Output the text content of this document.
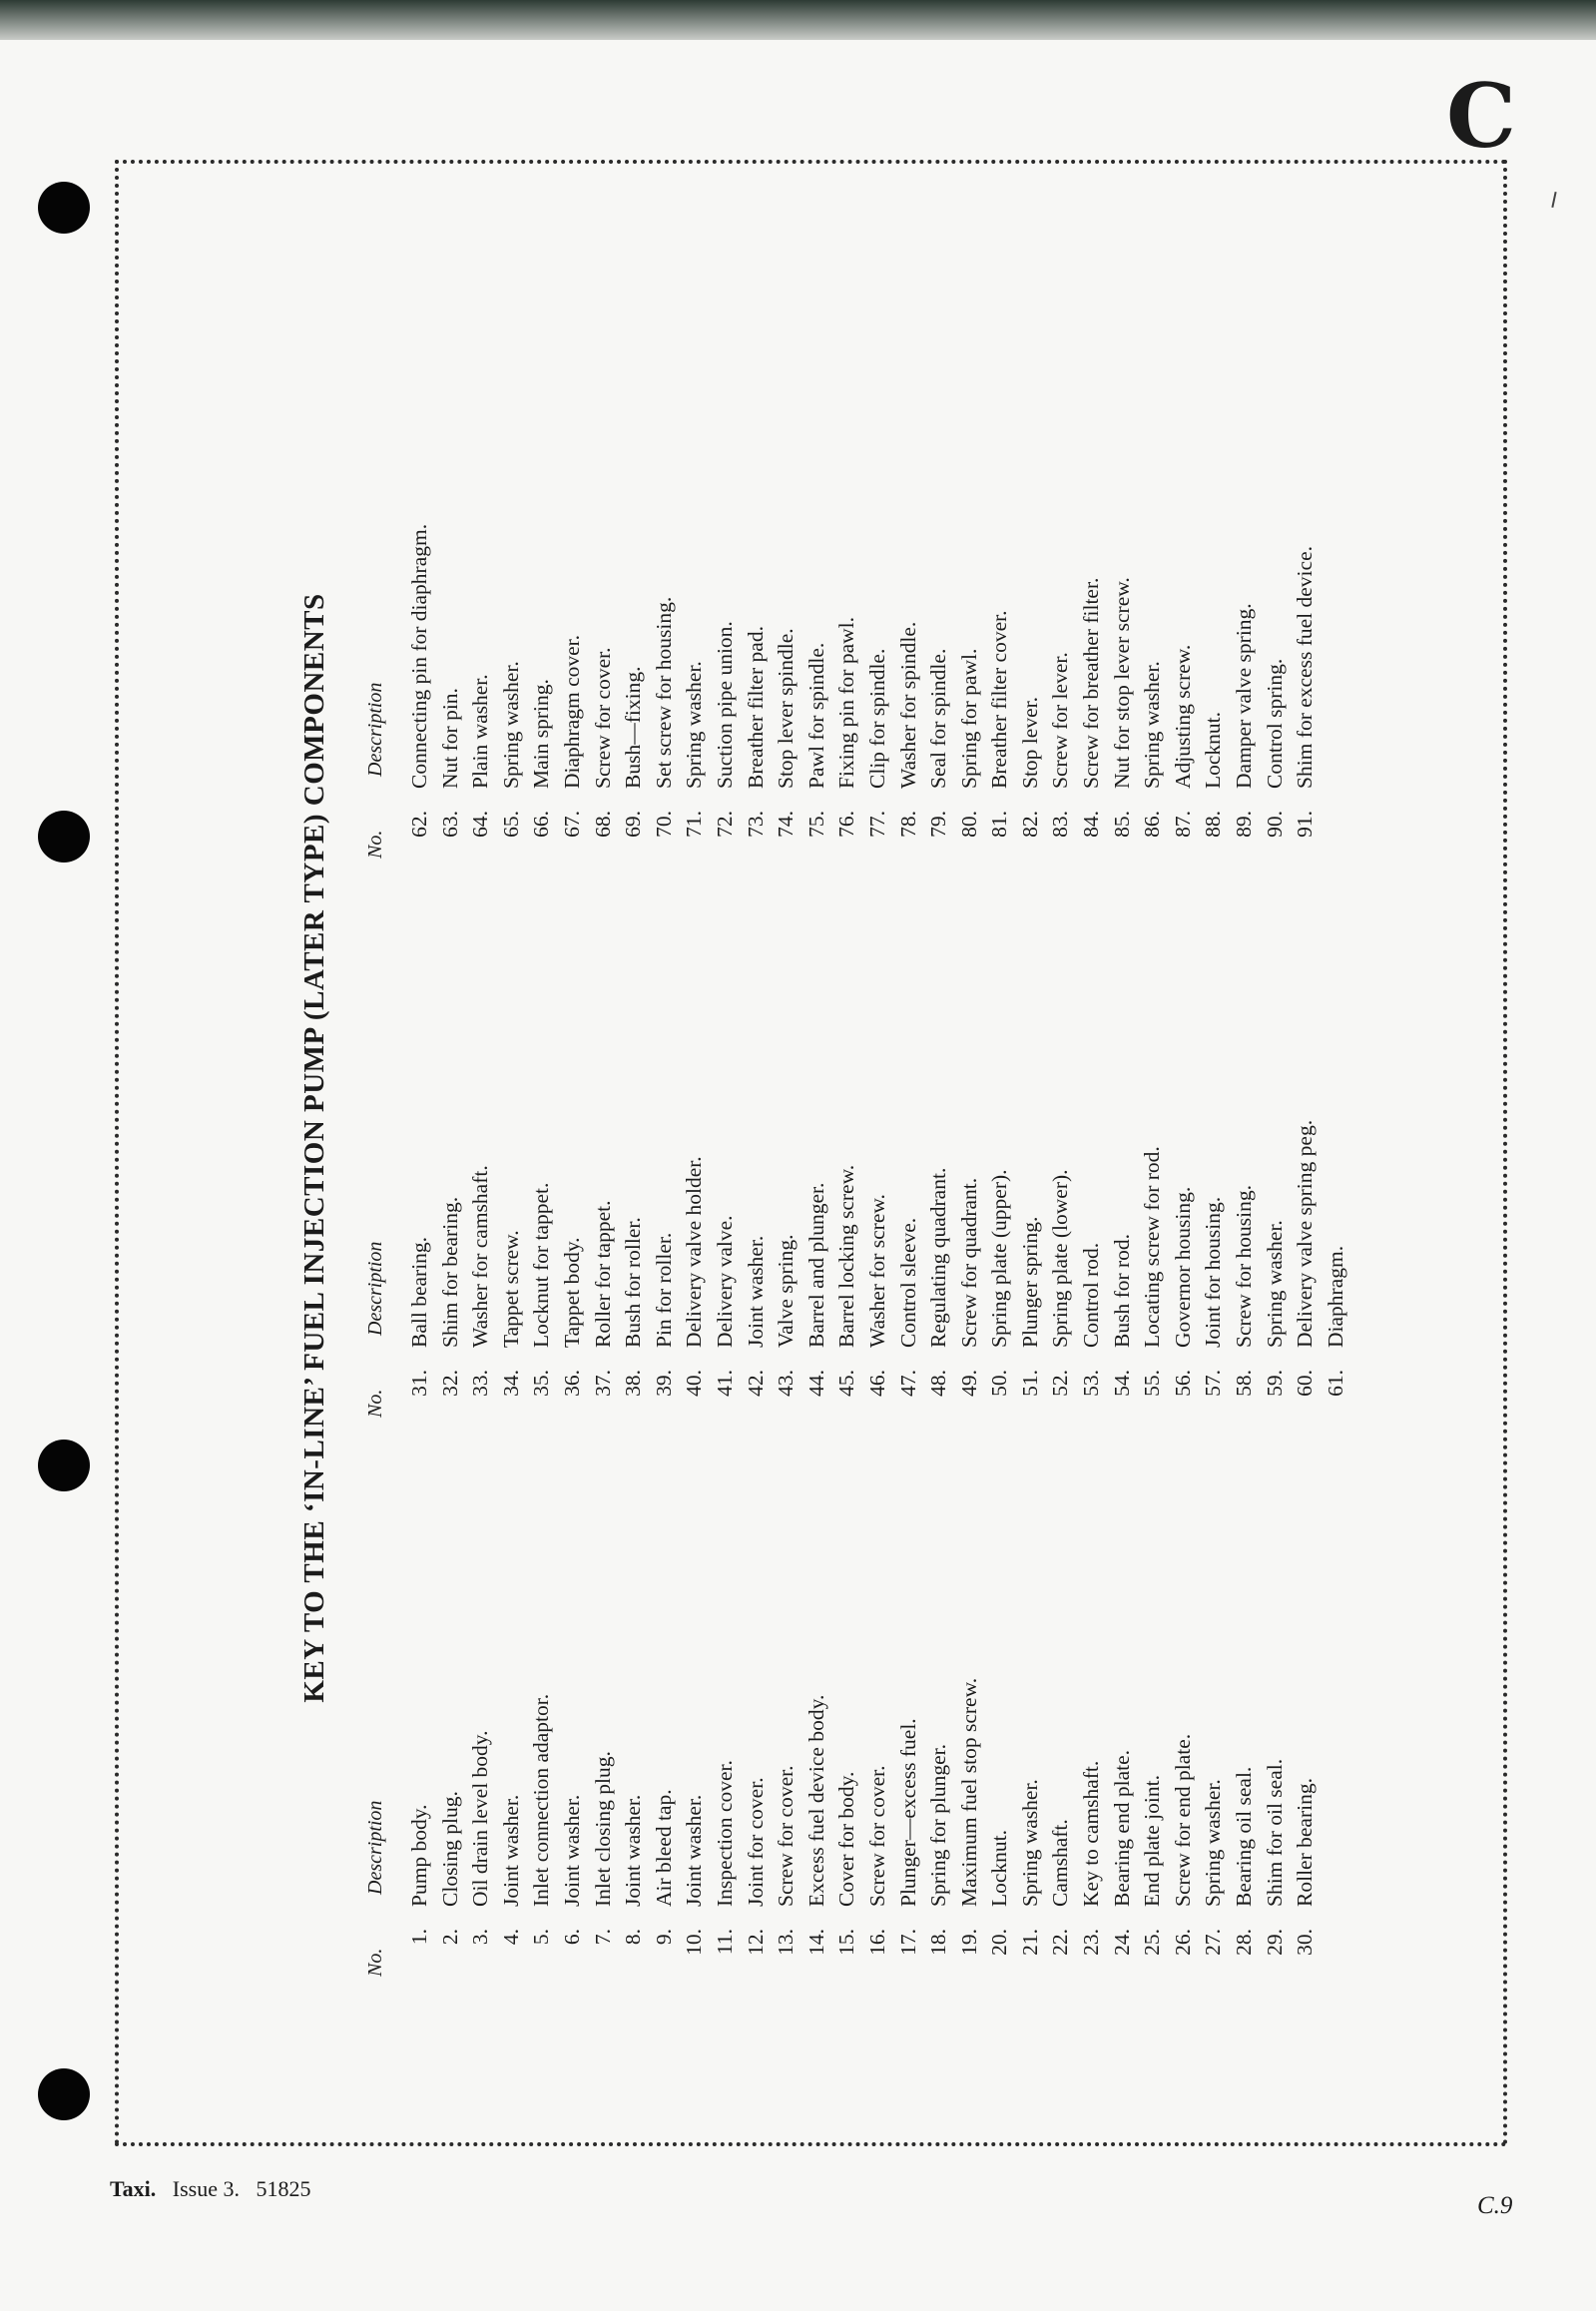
C
KEY TO THE ‘IN-LINE’ FUEL INJECTION PUMP (LATER TYPE) COMPONENTS
No.Description
1.Pump body.
2.Closing plug.
3.Oil drain level body.
4.Joint washer.
5.Inlet connection adaptor.
6.Joint washer.
7.Inlet closing plug.
8.Joint washer.
9.Air bleed tap.
10.Joint washer.
11.Inspection cover.
12.Joint for cover.
13.Screw for cover.
14.Excess fuel device body.
15.Cover for body.
16.Screw for cover.
17.Plunger—excess fuel.
18.Spring for plunger.
19.Maximum fuel stop screw.
20.Locknut.
21.Spring washer.
22.Camshaft.
23.Key to camshaft.
24.Bearing end plate.
25.End plate joint.
26.Screw for end plate.
27.Spring washer.
28.Bearing oil seal.
29.Shim for oil seal.
30.Roller bearing.
No.Description
31.Ball bearing.
32.Shim for bearing.
33.Washer for camshaft.
34.Tappet screw.
35.Locknut for tappet.
36.Tappet body.
37.Roller for tappet.
38.Bush for roller.
39.Pin for roller.
40.Delivery valve holder.
41.Delivery valve.
42.Joint washer.
43.Valve spring.
44.Barrel and plunger.
45.Barrel locking screw.
46.Washer for screw.
47.Control sleeve.
48.Regulating quadrant.
49.Screw for quadrant.
50.Spring plate (upper).
51.Plunger spring.
52.Spring plate (lower).
53.Control rod.
54.Bush for rod.
55.Locating screw for rod.
56.Governor housing.
57.Joint for housing.
58.Screw for housing.
59.Spring washer.
60.Delivery valve spring peg.
61.Diaphragm.
No.Description
62.Connecting pin for diaphragm.
63.Nut for pin.
64.Plain washer.
65.Spring washer.
66.Main spring.
67.Diaphragm cover.
68.Screw for cover.
69.Bush—fixing.
70.Set screw for housing.
71.Spring washer.
72.Suction pipe union.
73.Breather filter pad.
74.Stop lever spindle.
75.Pawl for spindle.
76.Fixing pin for pawl.
77.Clip for spindle.
78.Washer for spindle.
79.Seal for spindle.
80.Spring for pawl.
81.Breather filter cover.
82.Stop lever.
83.Screw for lever.
84.Screw for breather filter.
85.Nut for stop lever screw.
86.Spring washer.
87.Adjusting screw.
88.Locknut.
89.Damper valve spring.
90.Control spring.
91.Shim for excess fuel device.
Taxi. Issue 3. 51825
C.9
